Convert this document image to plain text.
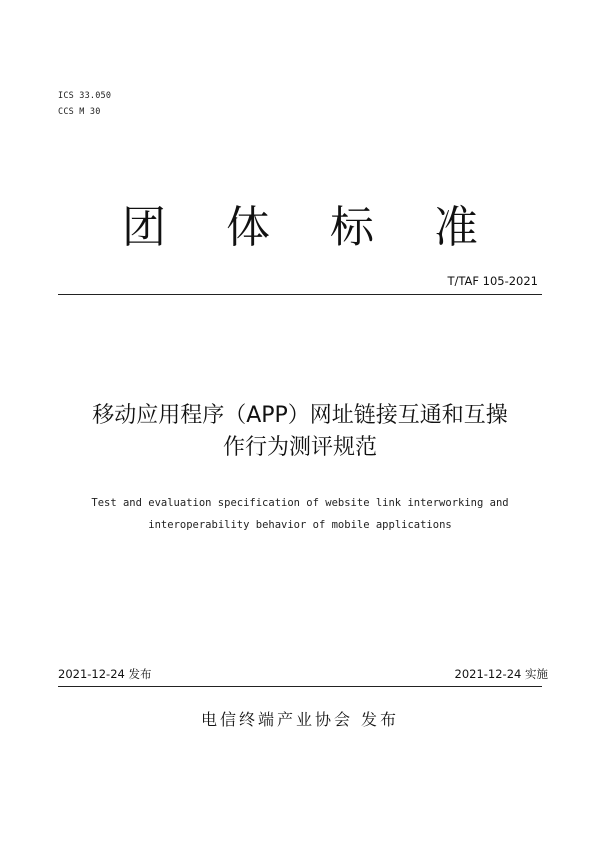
ICS 33.050
CCS M 30
团 体 标 准
T/TAF 105-2021
移动应用程序（APP）网址链接互通和互操
作行为测评规范
Test and evaluation specification of website link interworking and
interoperability behavior of mobile applications
2021-12-24 发布	2021-12-24 实施
电信终端产业协会 发布
